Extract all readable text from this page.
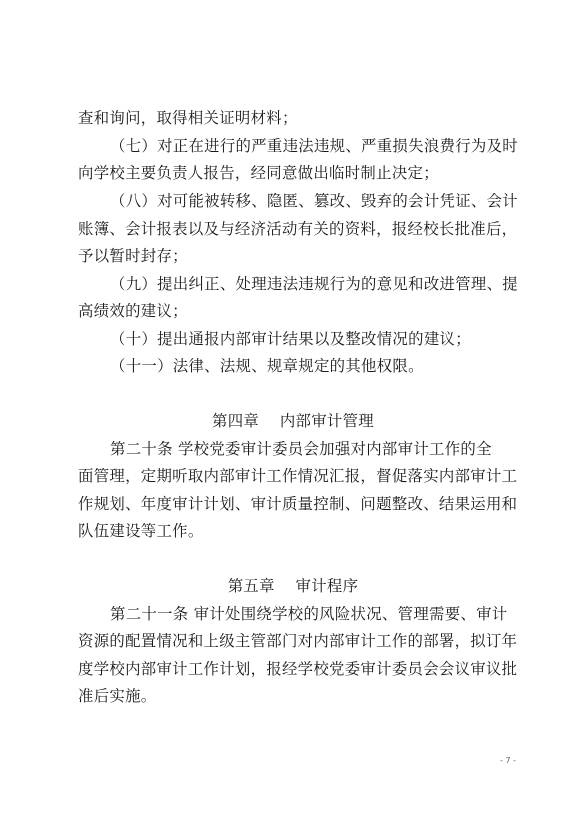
查和询问，取得相关证明材料；
（七）对正在进行的严重违法违规、严重损失浪费行为及时
向学校主要负责人报告，经同意做出临时制止决定；
（八）对可能被转移、隐匿、篡改、毁弃的会计凭证、会计
账簿、会计报表以及与经济活动有关的资料，报经校长批准后，
予以暂时封存；
（九）提出纠正、处理违法违规行为的意见和改进管理、提
高绩效的建议；
（十）提出通报内部审计结果以及整改情况的建议；
（十一）法律、法规、规章规定的其他权限。
第四章    内部审计管理
第二十条 学校党委审计委员会加强对内部审计工作的全
面管理，定期听取内部审计工作情况汇报，督促落实内部审计工
作规划、年度审计计划、审计质量控制、问题整改、结果运用和
队伍建设等工作。
第五章    审计程序
第二十一条 审计处围绕学校的风险状况、管理需要、审计
资源的配置情况和上级主管部门对内部审计工作的部署，拟订年
度学校内部审计工作计划，报经学校党委审计委员会会议审议批
准后实施。
- 7 -
